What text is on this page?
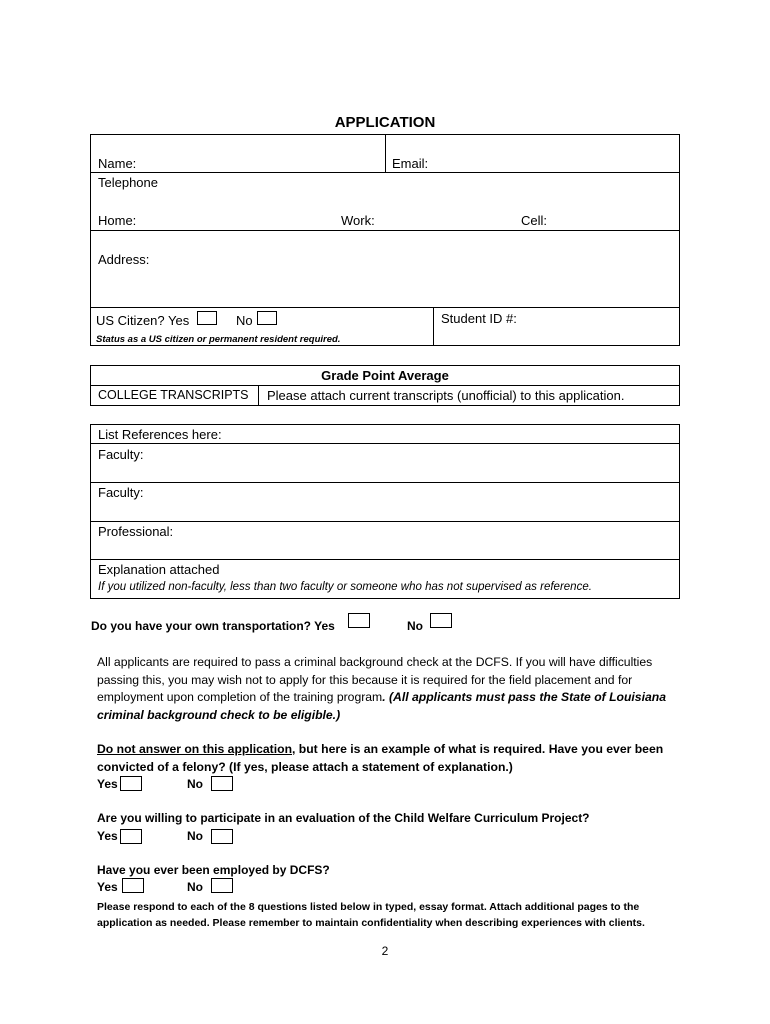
APPLICATION
Name:	Email:
Telephone
Home:	Work:	Cell:
Address:
US Citizen? Yes	No
Status as a US citizen or permanent resident required.
Student ID #:
Grade Point Average
COLLEGE TRANSCRIPTS Please attach current transcripts (unofficial) to this application.
List References here:
Faculty:
Faculty:
Professional:
Explanation attached
If you utilized non-faculty, less than two faculty or someone who has not supervised as reference.
Do you have your own transportation? Yes	No
All applicants are required to pass a criminal background check at the DCFS. If you will have difficulties passing this, you may wish not to apply for this because it is required for the field placement and for employment upon completion of the training program. (All applicants must pass the State of Louisiana criminal background check to be eligible.)
Do not answer on this application, but here is an example of what is required. Have you ever been convicted of a felony? (If yes, please attach a statement of explanation.)
Yes	No
Are you willing to participate in an evaluation of the Child Welfare Curriculum Project?
Yes	No
Have you ever been employed by DCFS?
Yes	No
Please respond to each of the 8 questions listed below in typed, essay format. Attach additional pages to the application as needed. Please remember to maintain confidentiality when describing experiences with clients.
2
